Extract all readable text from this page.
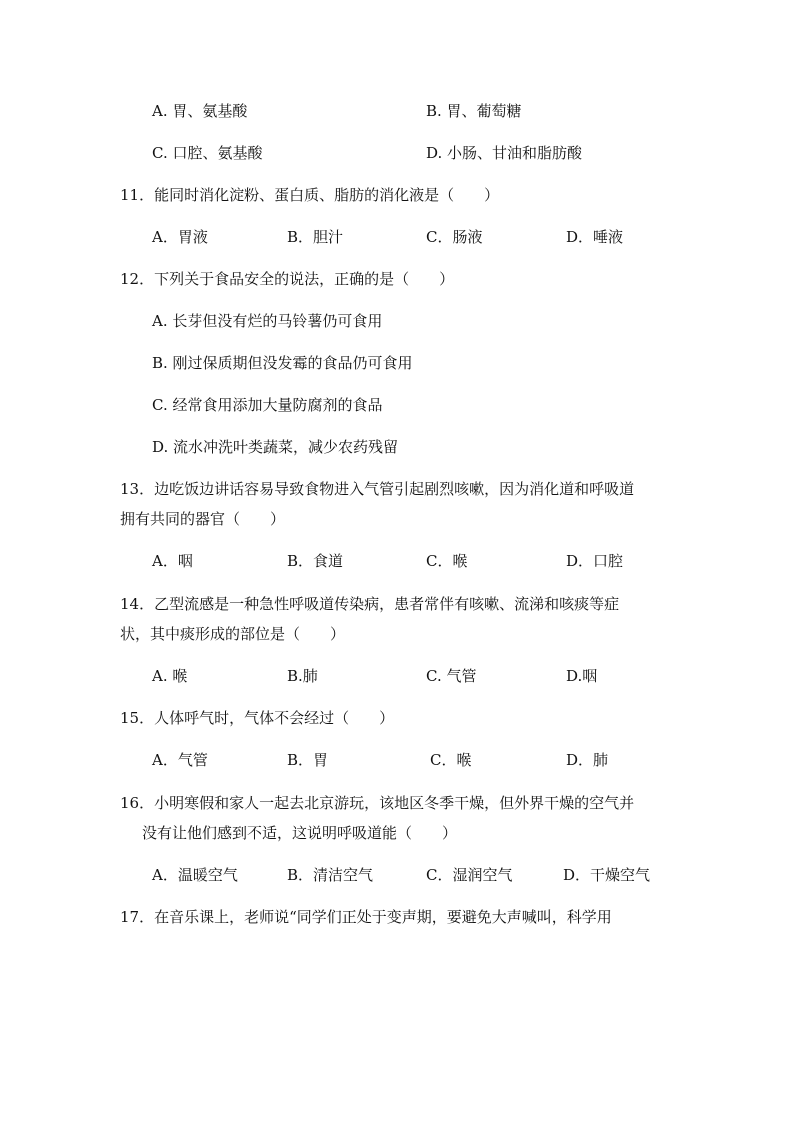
A. 胃、氨基酸	B. 胃、葡萄糖
C. 口腔、氨基酸	D. 小肠、甘油和脂肪酸
11．能同时消化淀粉、蛋白质、脂肪的消化液是（　　）
A．胃液	B．胆汁	C．肠液	D．唾液
12．下列关于食品安全的说法，正确的是（　　）
A. 长芽但没有烂的马铃薯仍可食用
B. 刚过保质期但没发霉的食品仍可食用
C. 经常食用添加大量防腐剂的食品
D. 流水冲洗叶类蔬菜，减少农药残留
13．边吃饭边讲话容易导致食物进入气管引起剧烈咳嗽，因为消化道和呼吸道
拥有共同的器官（　　）
A．咽	B．食道	C．喉	D．口腔
14．乙型流感是一种急性呼吸道传染病，患者常伴有咳嗽、流涕和咳痰等症
状，其中痰形成的部位是（　　）
A. 喉	B.肺	C. 气管	D.咽
15．人体呼气时，气体不会经过（　　）
A．气管	B．胃	C．喉	D．肺
16．小明寒假和家人一起去北京游玩，该地区冬季干燥，但外界干燥的空气并
没有让他们感到不适，这说明呼吸道能（　　）
A．温暖空气	B．清洁空气	C．湿润空气	D．干燥空气
17．在音乐课上，老师说“同学们正处于变声期，要避免大声喊叫，科学用
